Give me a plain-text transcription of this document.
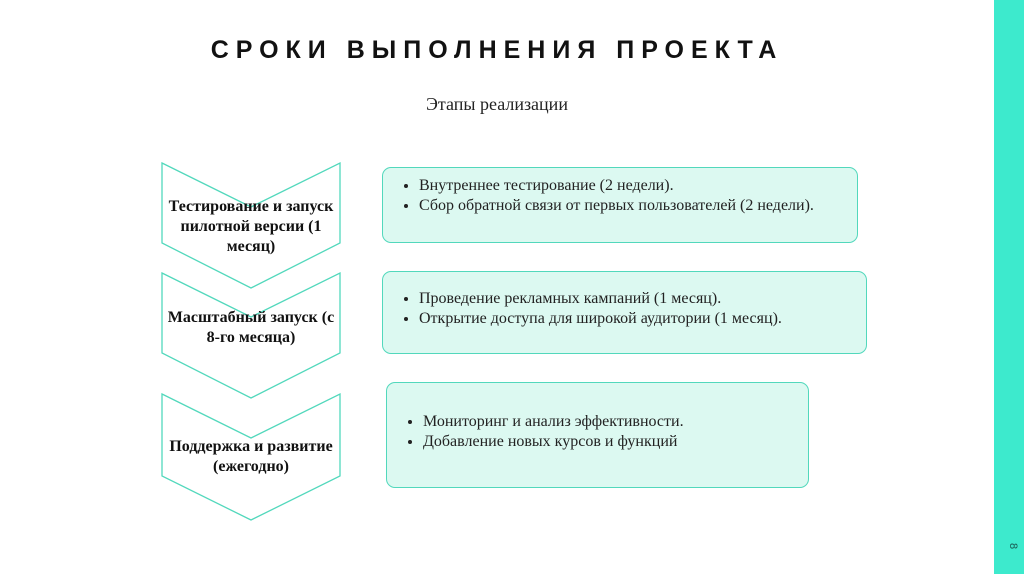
СРОКИ ВЫПОЛНЕНИЯ ПРОЕКТА
Этапы реализации
Тестирование и запуск пилотной версии (1 месяц)
Масштабный запуск (с 8-го месяца)
Поддержка и развитие (ежегодно)
• Внутреннее тестирование (2 недели).
• Сбор обратной связи от первых пользователей (2 недели).
• Проведение рекламных кампаний (1 месяц).
• Открытие доступа для широкой аудитории (1 месяц).
• Мониторинг и анализ эффективности.
• Добавление новых курсов и функций
8
